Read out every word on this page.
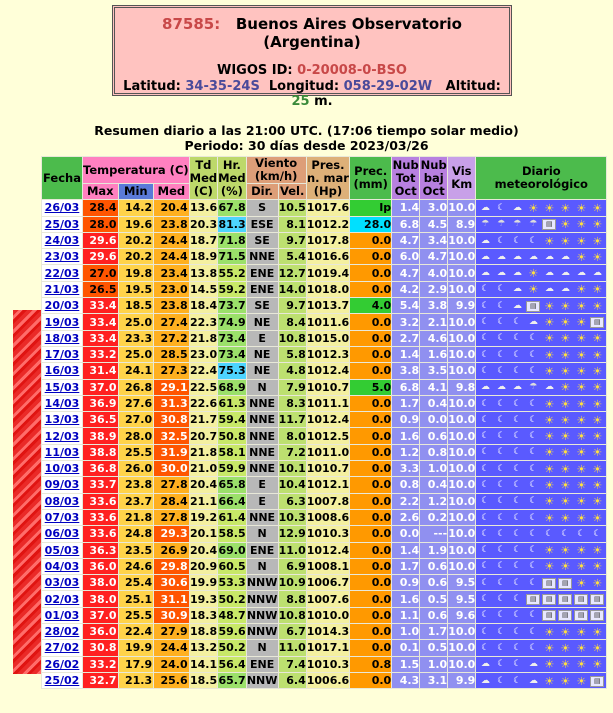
87585: Buenos Aires Observatorio (Argentina)
WIGOS ID: 0-20008-0-BSO
Latitud: 34-35-24S Longitud: 058-29-02W Altitud: 25 m.
Resumen diario a las 21:00 UTC. (17:06 tiempo solar medio)
Periodo: 30 días desde 2023/03/26
Fecha	Temperatura (C)			Td Med (C)	Hr. Med (%)	Viento (km/h)		Pres. n. mar (Hp)	Prec. (mm)	Nub Tot Oct	Nub baj Oct	Vis Km	Diario meteorológico
	Max	Min	Med			Dir.	Vel.						
26/03	28.4	14.2	20.4	13.6	67.8	S	10.5	1017.6	Ip	1.4	3.0	10.0	☁ ☾ ☁ ☀ ☀ ☀ ☀ ☀
25/03	28.0	19.6	23.8	20.3	81.3	ESE	8.1	1012.2	28.0	6.8	4.5	8.9	☂ ☂ ☂ ☂ ▤ ☀ ☀ ☀
24/03	29.6	20.2	24.4	18.7	71.8	SE	9.7	1017.8	0.0	4.7	3.4	10.0	☁ ☾ ☾ ☾ ☀ ☀ ☀ ☀
23/03	29.6	20.2	24.4	18.9	71.5	NNE	5.4	1016.6	0.0	6.0	4.7	10.0	☁ ☁ ☁ ☁ ☁ ☁ ☀ ☀
22/03	27.0	19.8	23.4	13.8	55.2	ENE	12.7	1019.4	0.0	4.7	4.0	10.0	☁ ☁ ☁ ☀ ☁ ☁ ☁ ☁
21/03	26.5	19.5	23.0	14.5	59.2	ENE	14.0	1018.0	0.0	4.2	2.9	10.0	☾ ☾ ☁ ☀ ☁ ☁ ☀ ☀
20/03	33.4	18.5	23.8	18.4	73.7	SE	9.7	1013.7	4.0	5.4	3.8	9.9	☾ ☾ ☁ ▤ ☀ ☀ ☀ ☀
19/03	33.4	25.0	27.4	22.3	74.9	NE	8.4	1011.6	0.0	3.2	2.1	10.0	☾ ☾ ☾ ☁ ☀ ☀ ☀ ▤
18/03	33.4	23.3	27.2	21.8	73.4	E	10.8	1015.0	0.0	2.7	4.6	10.0	☾ ☾ ☾ ☾ ☀ ☀ ☀ ☀
17/03	33.2	25.0	28.5	23.0	73.4	NE	5.8	1012.3	0.0	1.4	1.6	10.0	☾ ☾ ☾ ☾ ☀ ☀ ☀ ☀
16/03	31.4	24.1	27.3	22.4	75.3	NE	4.8	1012.4	0.0	3.8	3.5	10.0	☾ ☾ ☾ ☾ ☀ ☀ ☀ ☀
15/03	37.0	26.8	29.1	22.5	68.9	N	7.9	1010.7	5.0	6.8	4.1	9.8	☁ ☁ ☁ ☂ ☁ ☀ ☀ ☀
14/03	36.9	27.6	31.3	22.6	61.3	NNE	8.3	1011.1	0.0	1.7	0.4	10.0	☾ ☾ ☾ ☾ ☀ ☀ ☀ ☀
13/03	36.5	27.0	30.8	21.7	59.4	NNE	11.7	1012.4	0.0	0.9	0.0	10.0	☾ ☾ ☾ ☾ ☀ ☀ ☀ ☀
12/03	38.9	28.0	32.5	20.7	50.8	NNE	8.0	1012.5	0.0	1.6	0.6	10.0	☾ ☾ ☾ ☾ ☀ ☀ ☀ ☀
11/03	38.8	25.5	31.9	21.8	58.1	NNE	7.2	1011.0	0.0	1.2	0.8	10.0	☾ ☾ ☾ ☾ ☀ ☀ ☀ ☀
10/03	36.8	26.0	30.0	21.0	59.9	NNE	10.1	1010.7	0.0	3.3	1.0	10.0	☾ ☾ ☾ ☾ ☀ ☀ ☀ ☀
09/03	33.7	23.8	27.8	20.4	65.8	E	10.4	1012.1	0.0	0.8	0.4	10.0	☾ ☾ ☾ ☾ ☀ ☀ ☀ ☀
08/03	33.6	23.7	28.4	21.1	66.4	E	6.3	1007.8	0.0	2.2	1.2	10.0	☾ ☾ ☾ ☾ ☀ ☀ ☀ ☀
07/03	33.6	21.8	27.8	19.2	61.4	NNE	10.3	1008.6	0.0	2.6	0.2	10.0	☾ ☾ ☾ ☾ ☀ ☀ ☀ ☀
06/03	33.6	24.8	29.3	20.1	58.5	N	12.9	1010.3	0.0	0.0	---	10.0	☾ ☾ ☾ ☾ ☾ ☾ ☾ ☾
05/03	36.3	23.5	26.9	20.4	69.0	ENE	11.0	1012.4	0.0	1.4	1.9	10.0	☾ ☾ ☾ ☾ ☀ ☀ ☀ ☀
04/03	36.0	24.6	29.8	20.9	60.5	N	6.9	1008.1	0.0	1.7	0.6	10.0	☾ ☾ ☾ ☾ ☀ ☀ ☀ ☀
03/03	38.0	25.4	30.6	19.9	53.3	NNW	10.9	1006.7	0.0	0.9	0.6	9.5	☾ ☾ ☾ ☾ ▤ ▤ ☀ ☀
02/03	38.0	25.1	31.1	19.3	50.2	NNW	8.8	1007.6	0.0	1.6	0.5	9.5	☾ ☾ ☾ ▤ ▤ ▤ ▤ ▤
01/03	37.0	25.5	30.9	18.3	48.7	NNW	10.8	1010.0	0.0	1.1	0.6	9.6	☾ ☾ ☾ ☾ ▤ ▤ ▤ ▤
28/02	36.0	22.4	27.9	18.8	59.6	NNW	6.7	1014.3	0.0	1.0	1.7	10.0	☾ ☾ ☾ ☾ ☀ ☀ ☀ ☀
27/02	30.8	19.9	24.4	13.2	50.2	N	11.0	1017.1	0.0	0.1	0.5	10.0	☾ ☾ ☾ ☾ ☀ ☀ ☀ ☀
26/02	33.2	17.9	24.0	14.1	56.4	ENE	7.4	1010.3	0.8	1.5	1.0	10.0	☁ ☾ ☾ ☁ ☀ ☀ ☀ ☀
25/02	32.7	21.3	25.6	18.5	65.7	NNW	6.4	1006.6	0.0	4.3	3.1	9.9	☁ ☾ ☾ ☁ ☀ ☀ ☀ ▤
